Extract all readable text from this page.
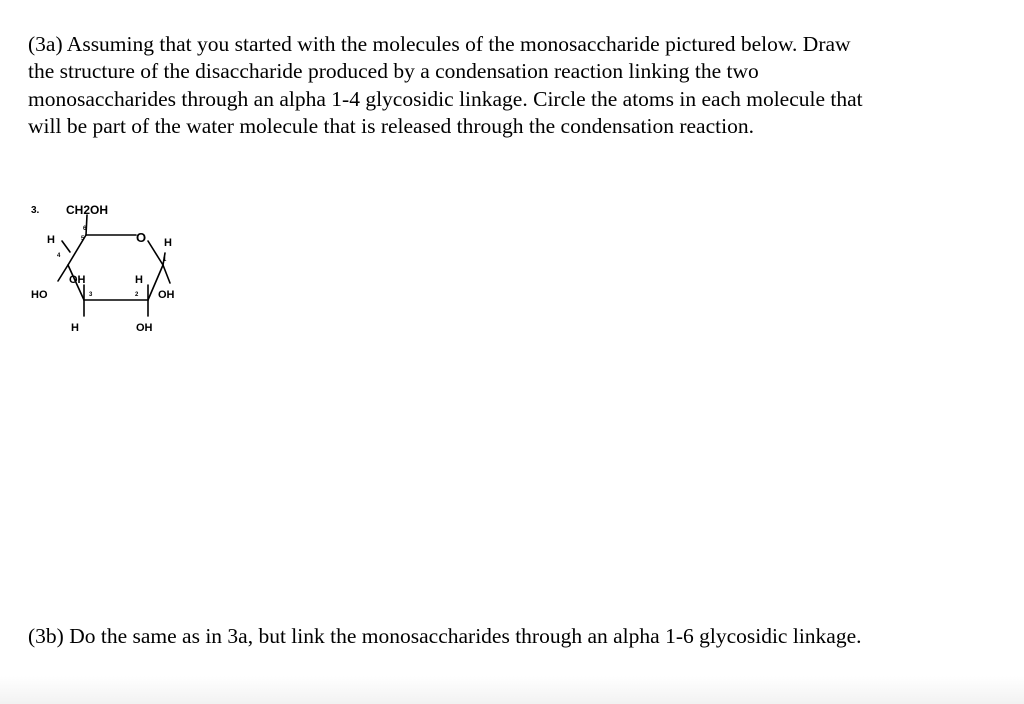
(3a) Assuming that you started with the molecules of the monosaccharide pictured below. Draw

the structure of the disaccharide produced by a condensation reaction linking the two

monosaccharides through an alpha 1-4 glycosidic linkage. Circle the atoms in each molecule that

will be part of the water molecule that is released through the condensation reaction.

3. CH2OH
H	O H
OH	H
HO	OH
H	OH
6
5
4
3	2
1
(3b) Do the same as in 3a, but link the monosaccharides through an alpha 1-6 glycosidic linkage.
